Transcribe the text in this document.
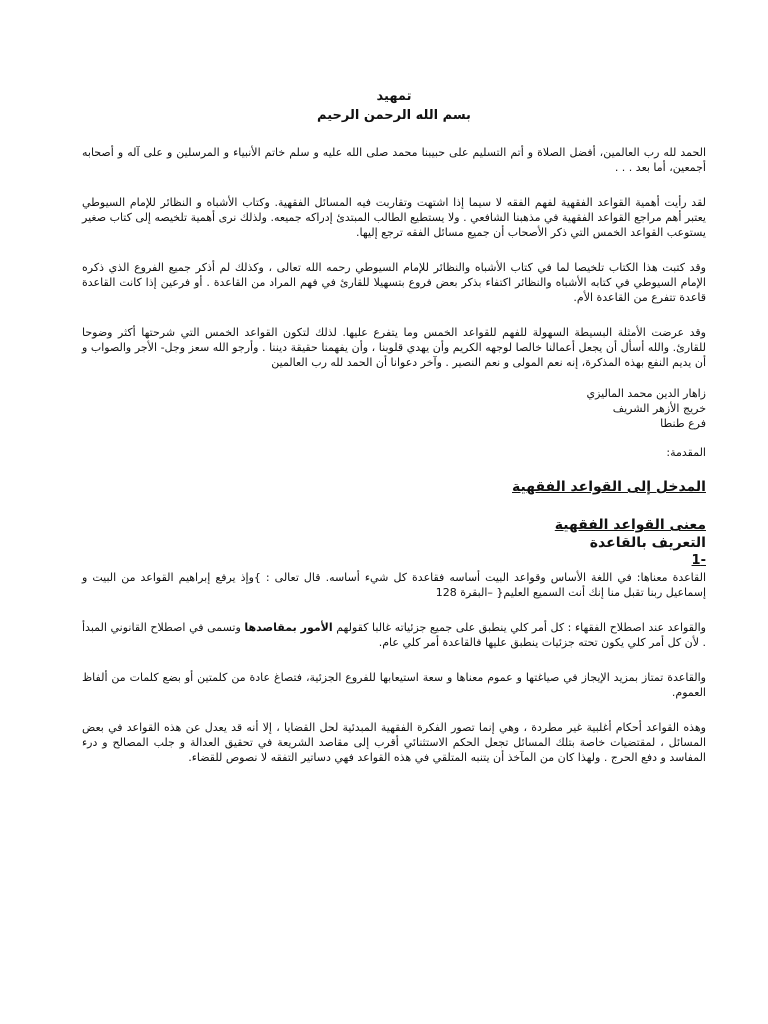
تمهيد
بسم الله الرحمن الرحيم

الحمد لله رب العالمين، أفضل الصلاة و أتم التسليم على حبيبنا محمد صلى الله عليه و سلم خاتم الأنبياء و المرسلين و على آله و أصحابه أجمعين، أما بعد . . .

لقد رأيت أهمية القواعد الفقهية لفهم الفقه لا سيما إذا اشتهت وتقاربت فيه المسائل الفقهية. وكتاب الأشباه و النظائر للإمام السيوطي يعتبر أهم مراجع القواعد الفقهية في مذهبنا الشافعي . ولا يستطيع الطالب المبتدئ إدراكه جميعه. ولذلك نرى أهمية تلخيصه إلى كتاب صغير يستوعب القواعد الخمس التي ذكر الأصحاب أن جميع مسائل الفقه ترجع إليها.

وقد كتبت هذا الكتاب تلخيصا لما في كتاب الأشباه والنظائر للإمام السيوطي رحمه الله تعالى ، وكذلك لم أذكر جميع الفروع الذي ذكره الإمام السيوطي في كتابه الأشباه والنظائر اكتفاء بذكر بعض فروع بتسهيلا للقارئ في فهم المراد من القاعدة . أو فرعين إذا كانت القاعدة قاعدة تتفرع من القاعدة الأم.

وقد عرضت الأمثلة البسيطة السهولة للفهم للقواعد الخمس وما يتفرع عليها. لذلك لتكون القواعد الخمس التي شرحتها أكثر وضوحا للقارئ. والله أسأل أن يجعل أعمالنا خالصا لوجهه الكريم وأن يهدي قلوبنا ، وأن يفهمنا حقيقة ديننا . وأرجو الله سعز وجل- الأجر والصواب و أن يديم النفع بهذه المذكرة، إنه نعم المولى و نعم النصير . وآخر دعوانا أن الحمد لله رب العالمين

زاهار الدين محمد الماليزي

خريج الأزهر الشريف

فرع طنطا

المقدمة:
المدخل إلى القواعد الفقهية
معنى القواعد الفقهية
التعريف بالقاعدة
-1

القاعدة معناها: في اللغة الأساس وقواعد البيت أساسه فقاعدة كل شيء أساسه. قال تعالى : }وإذ يرفع إبراهيم القواعد من البيت و إسماعيل ربنا تقبل منا إنك أنت السميع العليم{ –البقرة 128

والقواعد عند اصطلاح الفقهاء : كل أمر كلي ينطبق على جميع جزئياته غالبا كقولهم الأمور بمقاصدها وتسمى في اصطلاح القانوني المبدأ . لأن كل أمر كلي يكون تحته جزئيات ينطبق عليها فالقاعدة أمر كلي عام.

والقاعدة تمتاز بمزيد الإيجاز في صياغتها و عموم معناها و سعة استيعابها للفروع الجزئية، فتصاغ عادة من كلمتين أو بضع كلمات من ألفاظ العموم.

وهذه القواعد أحكام أغلبية غير مطردة ، وهي إنما تصور الفكرة الفقهية المبدئية لحل القضايا ، إلا أنه قد يعدل عن هذه القواعد في بعض المسائل ، لمقتضيات خاصة بتلك المسائل تجعل الحكم الاستثنائي أقرب إلى مقاصد الشريعة في تحقيق العدالة و جلب المصالح و درء المفاسد و دفع الحرج . ولهذا كان من المآخذ أن يتنبه المتلقي في هذه القواعد فهي دساتير التفقه لا نصوص للقضاء.
